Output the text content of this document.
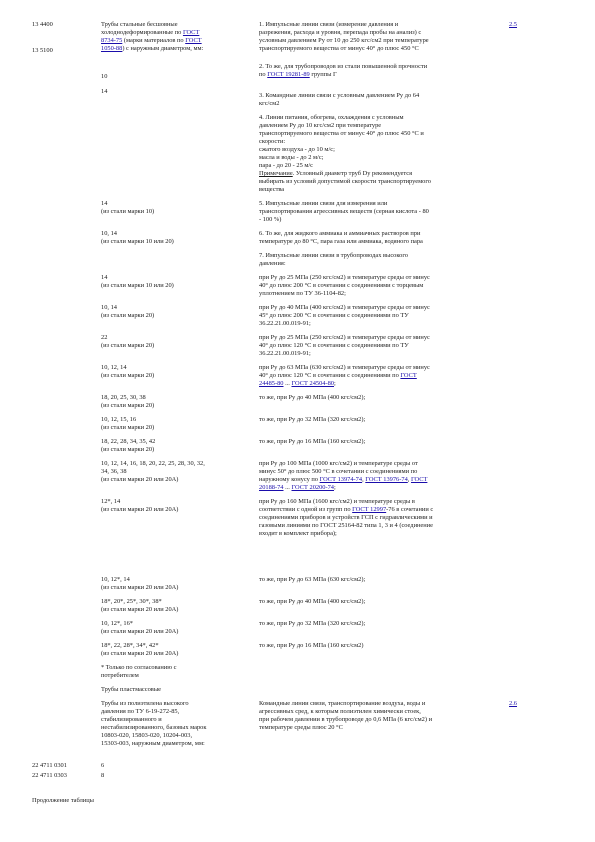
13 4400
13 5100
22 4711 0301
22 4711 0303
2.5
2.6
Трубы стальные бесшовные
холоднодеформированные по ГОСТ
8734-75 (марки материалов по ГОСТ
1050-88) с наружным диаметром, мм:
1. Импульсные линии связи (измерение давления и
разрежения, расхода и уровня, перепада пробы на анализ) с
условным давлением Ру от 10 до 250 кгс/см2 при температуре
транспортируемого вещества от минус 40° до плюс 450 °С
2. То же, для трубопроводов из стали повышенной прочности
по ГОСТ 19281-89 группы Г
10
14
3. Командные линии связи с условным давлением Ру до 64
кгс/см2
4. Линии питания, обогрева, охлаждения с условным
давлением Ру до 10 кгс/см2 при температуре
транспортируемого вещества от минус 40° до плюс 450 °С и
скорости:
сжатого воздуха - до 10 м/с;
масла и воды - до 2 м/с;
пара - до 20 - 25 м/с
Примечание. Условный диаметр труб Dу рекомендуется
выбирать из условий допустимой скорости транспортируемого
вещества
14
(из стали марки 10)
5. Импульсные линии связи для измерения или
транспортирования агрессивных веществ (серная кислота - 80
- 100 %)
10, 14
(из стали марки 10 или 20)
6. То же, для жидкого аммиака и аммиачных растворов при
температуре до 80 °С, пара газа или аммиака, водяного пара
7. Импульсные линии связи в трубопроводах высокого
давления:
14
(из стали марки 10 или 20)
при Ру до 25 МПа (250 кгс/см2) и температуре среды от минус
40° до плюс 200 °С в сочетании с соединениями с торцевым
уплотнением по ТУ 36-1104-82;
10, 14
(из стали марки 20)
при Ру до 40 МПа (400 кгс/см2) и температуре среды от минус
45° до плюс 200 °С в сочетании с соединениями по ТУ
36.22.21.00.019-91;
22
(из стали марки 20)
при Ру до 25 МПа (250 кгс/см2) и температуре среды от минус
40° до плюс 120 °С в сочетании с соединениями по ТУ
36.22.21.00.019-91;
10, 12, 14
(из стали марки 20)
при Ру до 63 МПа (630 кгс/см2) и температуре среды от минус
40° до плюс 120 °С в сочетании с соединениями по ГОСТ
24485-80 ... ГОСТ 24504-80;
18, 20, 25, 30, 38
(из стали марки 20)
то же, при Ру до 40 МПа (400 кгс/см2);
10, 12, 15, 16
(из стали марки 20)
то же, при Ру до 32 МПа (320 кгс/см2);
18, 22, 28, 34, 35, 42
(из стали марки 20)
то же, при Ру до 16 МПа (160 кгс/см2);
10, 12, 14, 16, 18, 20, 22, 25, 28, 30, 32,
34, 36, 38
(из стали марки 20 или 20А)
при Ру до 100 МПа (1000 кгс/см2) и температуре среды от
минус 50° до плюс 500 °С в сочетании с соединениями по
наружному конусу по ГОСТ 13974-74, ГОСТ 13976-74, ГОСТ
20188-74 ... ГОСТ 20200-74;
12*, 14
(из стали марки 20 или 20А)
при Ру до 160 МПа (1600 кгс/см2) и температуре среды в
соответствии с одной из групп по ГОСТ 12997-76 в сочетании с
соединениями приборов и устройств ГСП с гидравлическими и
газовыми линиями по ГОСТ 25164-82 типа 1, 3 и 4 (соединение
входит в комплект прибора);
10, 12*, 14
(из стали марки 20 или 20А)
то же, при Ру до 63 МПа (630 кгс/см2);
18*, 20*, 25*, 30*, 38*
(из стали марки 20 или 20А)
то же, при Ру до 40 МПа (400 кгс/см2);
10, 12*, 16*
(из стали марки 20 или 20А)
то же, при Ру до 32 МПа (320 кгс/см2);
18*, 22, 28*, 34*, 42*
(из стали марки 20 или 20А)
то же, при Ру до 16 МПа (160 кгс/см2)
* Только по согласованию с
потребителем
Трубы пластмассовые
Трубы из полиэтилена высокого
давления по ТУ 6-19-272-85,
стабилизированного и
нестабилизированного, базовых марок
10803-020, 15803-020, 10204-003,
15303-003, наружным диаметром, мм:
Командные линии связи, транспортирование воздуха, воды и
агрессивных сред, к которым полиэтилен химически стоек,
при рабочем давлении в трубопроводе до 0,6 МПа (6 кгс/см2) и
температуре среды плюс 20 °С
6
8
Продолжение таблицы
